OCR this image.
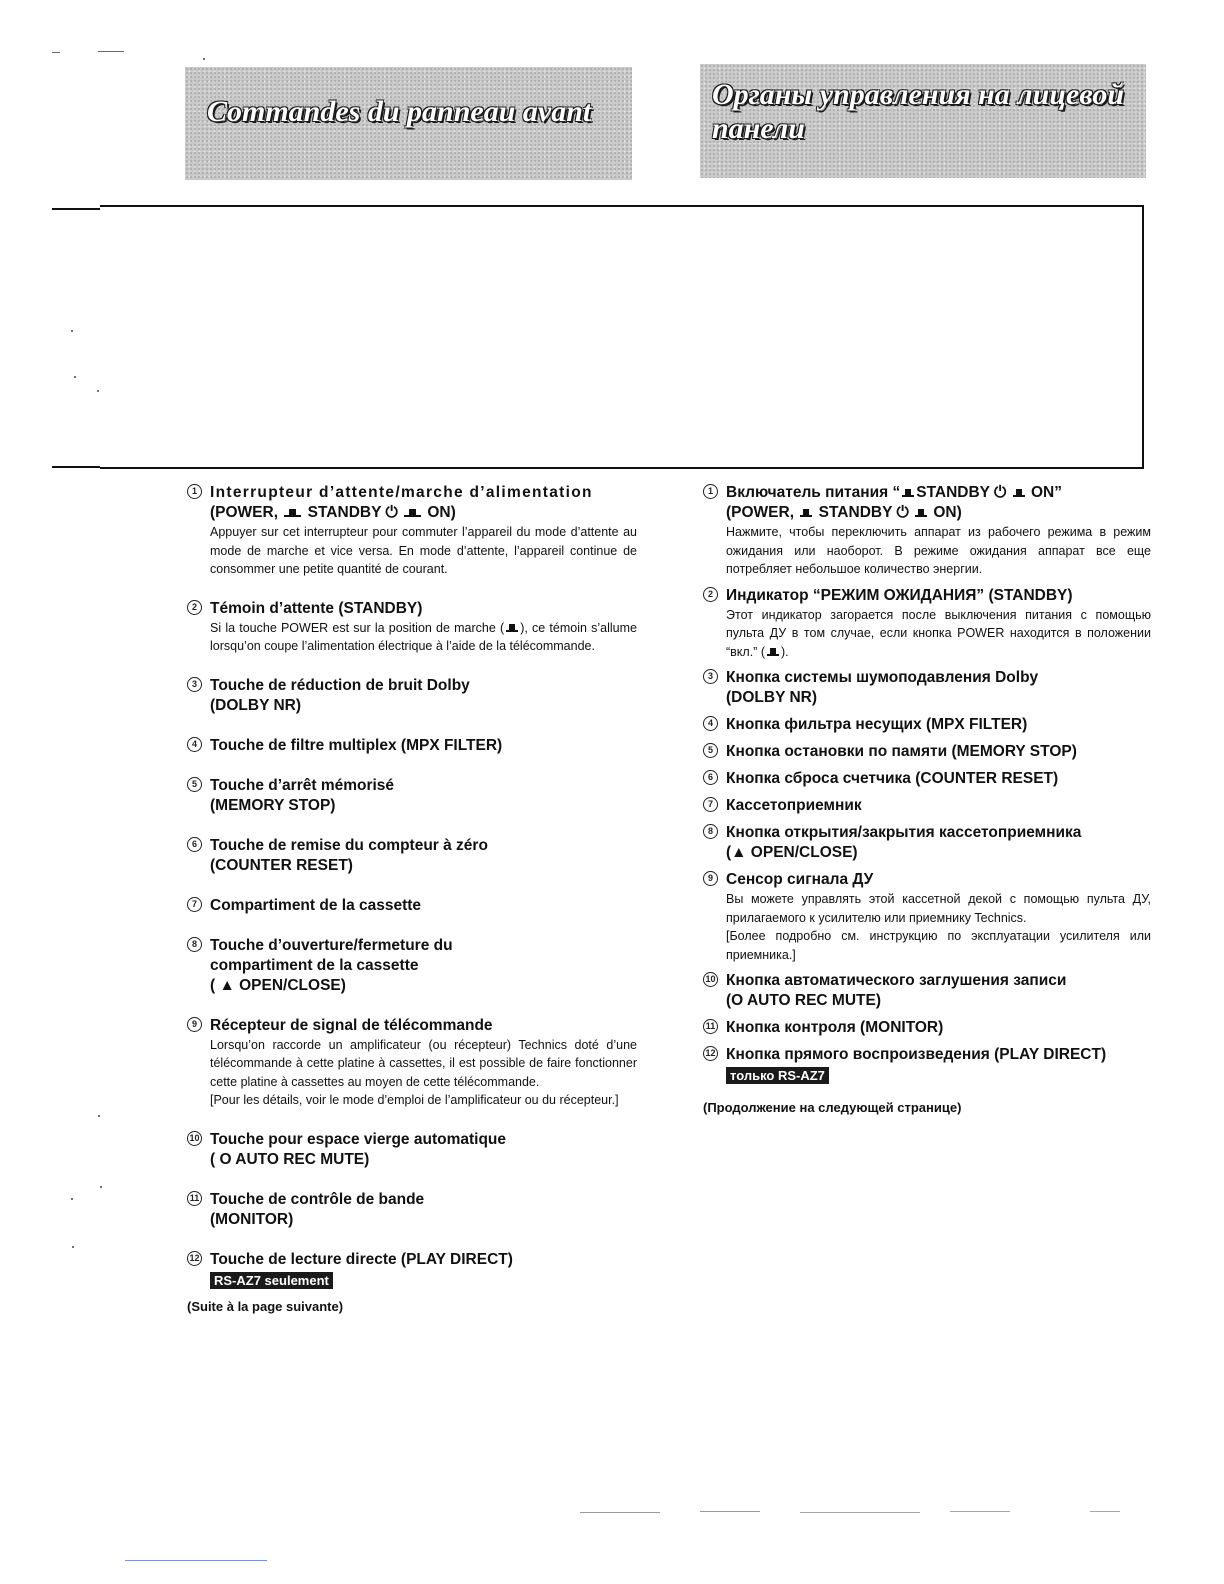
Commandes du panneau avant
Органы управления на лицевой панели
1 Interrupteur d’attente/marche d’alimentation
(POWER, STANDBY ⏻ ON)
Appuyer sur cet interrupteur pour commuter l’appareil du mode d’attente au mode de marche et vice versa. En mode d’attente, l’appareil continue de consommer une petite quantité de courant.
2 Témoin d’attente (STANDBY)
Si la touche POWER est sur la position de marche ( ), ce témoin s’allume lorsqu’on coupe l’alimentation électrique à l’aide de la télécommande.
3 Touche de réduction de bruit Dolby
(DOLBY NR)
4 Touche de filtre multiplex (MPX FILTER)
5 Touche d’arrêt mémorisé
(MEMORY STOP)
6 Touche de remise du compteur à zéro
(COUNTER RESET)
7 Compartiment de la cassette
8 Touche d’ouverture/fermeture du
compartiment de la cassette
( ▲ OPEN/CLOSE)
9 Récepteur de signal de télécommande

Lorsqu’on raccorde un amplificateur (ou récepteur) Technics doté d’une télécommande à cette platine à cassettes, il est possible de faire fonctionner cette platine à cassettes au moyen de cette télécommande.

[Pour les détails, voir le mode d’emploi de l’amplificateur ou du récepteur.]

10 Touche pour espace vierge automatique
( O AUTO REC MUTE)
11 Touche de contrôle de bande
(MONITOR)
12 Touche de lecture directe (PLAY DIRECT)
RS-AZ7 seulement
(Suite à la page suivante)
1 Включатель питания “ STANDBY ⏻ ON”
(POWER, STANDBY ⏻ ON)
Нажмите, чтобы переключить аппарат из рабочего режима в режим ожидания или наоборот. В режиме ожидания аппарат все еще потребляет небольшое количество энергии.
2 Индикатор “РЕЖИМ ОЖИДАНИЯ” (STANDBY)
Этот индикатор загорается после выключения питания с помощью пульта ДУ в том случае, если кнопка POWER находится в положении “вкл.” ( ).
3 Кнопка системы шумоподавления Dolby
(DOLBY NR)
4 Кнопка фильтра несущих (MPX FILTER)
5 Кнопка остановки по памяти (MEMORY STOP)
6 Кнопка сброса счетчика (COUNTER RESET)
7 Кассетоприемник
8 Кнопка открытия/закрытия кассетоприемника
(▲ OPEN/CLOSE)
9 Сенсор сигнала ДУ

Вы можете управлять этой кассетной декой с помощью пульта ДУ, прилагаемого к усилителю или приемнику Technics.

[Более подробно см. инструкцию по эксплуатации усилителя или приемника.]

10 Кнопка автоматического заглушения записи
(O AUTO REC MUTE)
11 Кнопка контроля (MONITOR)
12 Кнопка прямого воспроизведения (PLAY DIRECT)
только RS-AZ7
(Продолжение на следующей странице)
